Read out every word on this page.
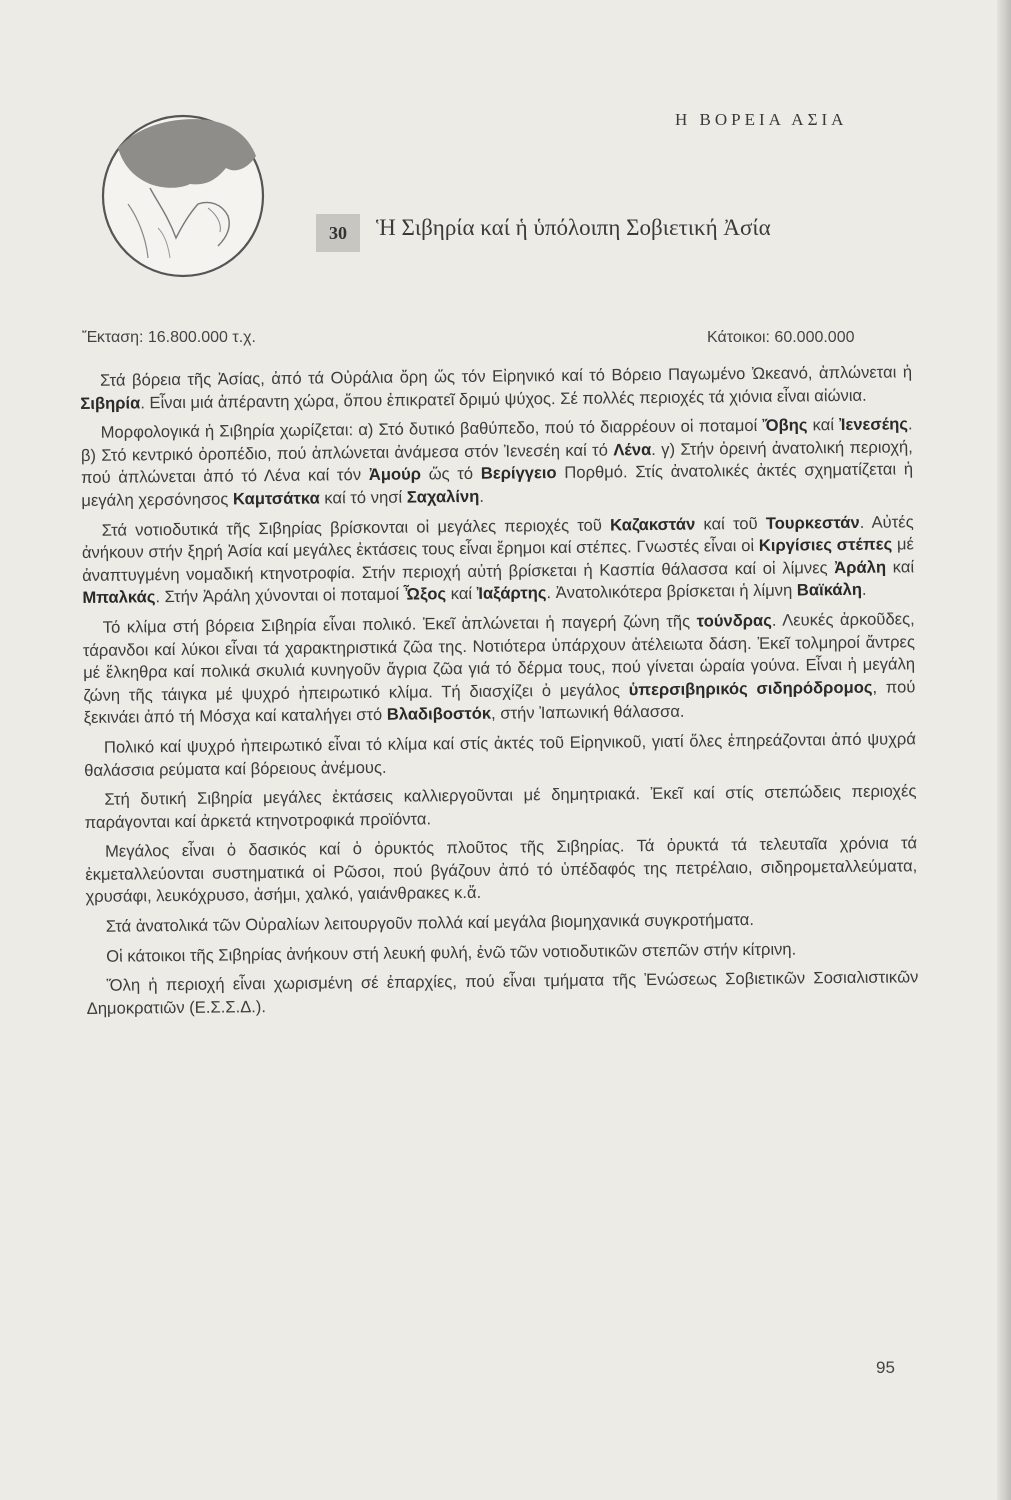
Η ΒΟΡΕΙΑ ΑΣΙΑ
30	Ἡ Σιβηρία καί ἡ ὑπόλοιπη Σοβιετική Ἀσία
Ἔκταση: 16.800.000 τ.χ.	Κάτοικοι: 60.000.000

Στά βόρεια τῆς Ἀσίας, ἀπό τά Οὐράλια ὄρη ὥς τόν Εἰρηνικό καί τό Βόρειο Παγωμένο Ὠκεανό, ἁπλώνεται ἡ Σιβηρία. Εἶναι μιά ἀπέραντη χώρα, ὅπου ἐπικρατεῖ δριμύ ψύχος. Σέ πολλές περιοχές τά χιόνια εἶναι αἰώνια.

Μορφολογικά ἡ Σιβηρία χωρίζεται: α) Στό δυτικό βαθύπεδο, πού τό διαρρέουν οἱ ποταμοί Ὄβης καί Ἰενεσέης. β) Στό κεντρικό ὀροπέδιο, πού ἁπλώνεται ἀνάμεσα στόν Ἰενεσέη καί τό Λένα. γ) Στήν ὀρεινή ἀνατολική περιοχή, πού ἁπλώνεται ἀπό τό Λένα καί τόν Ἀμούρ ὥς τό Βερίγγειο Πορθμό. Στίς ἀνατολικές ἀκτές σχηματίζεται ἡ μεγάλη χερσόνησος Καμτσάτκα καί τό νησί Σαχαλίνη.

Στά νοτιοδυτικά τῆς Σιβηρίας βρίσκονται οἱ μεγάλες περιοχές τοῦ Καζακστάν καί τοῦ Τουρκεστάν. Αὐτές ἀνήκουν στήν ξηρή Ἀσία καί μεγάλες ἐκτάσεις τους εἶναι ἔρημοι καί στέπες. Γνωστές εἶναι οἱ Κιργίσιες στέπες μέ ἀναπτυγμένη νομαδική κτηνοτροφία. Στήν περιοχή αὐτή βρίσκεται ἡ Κασπία θάλασσα καί οἱ λίμνες Ἀράλη καί Μπαλκάς. Στήν Ἀράλη χύνονται οἱ ποταμοί Ὦξος καί Ἰαξάρτης. Ἀνατολικότερα βρίσκεται ἡ λίμνη Βαϊκάλη.

Τό κλίμα στή βόρεια Σιβηρία εἶναι πολικό. Ἐκεῖ ἁπλώνεται ἡ παγερή ζώνη τῆς τούνδρας. Λευκές ἀρκοῦδες, τάρανδοι καί λύκοι εἶναι τά χαρακτηριστικά ζῶα της. Νοτιότερα ὑπάρχουν ἀτέλειωτα δάση. Ἐκεῖ τολμηροί ἄντρες μέ ἕλκηθρα καί πολικά σκυλιά κυνηγοῦν ἄγρια ζῶα γιά τό δέρμα τους, πού γίνεται ὡραία γούνα. Εἶναι ἡ μεγάλη ζώνη τῆς τάιγκα μέ ψυχρό ἠπειρωτικό κλίμα. Τή διασχίζει ὁ μεγάλος ὑπερσιβηρικός σιδηρόδρομος, πού ξεκινάει ἀπό τή Μόσχα καί καταλήγει στό Βλαδιβοστόκ, στήν Ἰαπωνική θάλασσα.

Πολικό καί ψυχρό ἠπειρωτικό εἶναι τό κλίμα καί στίς ἀκτές τοῦ Εἰρηνικοῦ, γιατί ὅλες ἐπηρεάζονται ἀπό ψυχρά θαλάσσια ρεύματα καί βόρειους ἀνέμους.

Στή δυτική Σιβηρία μεγάλες ἐκτάσεις καλλιεργοῦνται μέ δημητριακά. Ἐκεῖ καί στίς στεπώδεις περιοχές παράγονται καί ἀρκετά κτηνοτροφικά προϊόντα.

Μεγάλος εἶναι ὁ δασικός καί ὁ ὀρυκτός πλοῦτος τῆς Σιβηρίας. Τά ὀρυκτά τά τελευταῖα χρόνια τά ἐκμεταλλεύονται συστηματικά οἱ Ρῶσοι, πού βγάζουν ἀπό τό ὑπέδαφός της πετρέλαιο, σιδηρομεταλλεύματα, χρυσάφι, λευκόχρυσο, ἀσήμι, χαλκό, γαιάνθρακες κ.ἄ.

Στά ἀνατολικά τῶν Οὐραλίων λειτουργοῦν πολλά καί μεγάλα βιομηχανικά συγκροτήματα.

Οἱ κάτοικοι τῆς Σιβηρίας ἀνήκουν στή λευκή φυλή, ἐνῶ τῶν νοτιοδυτικῶν στεπῶν στήν κίτρινη.

Ὅλη ἡ περιοχή εἶναι χωρισμένη σέ ἐπαρχίες, πού εἶναι τμήματα τῆς Ἑνώσεως Σοβιετικῶν Σοσιαλιστικῶν Δημοκρατιῶν (Ε.Σ.Σ.Δ.).

95
